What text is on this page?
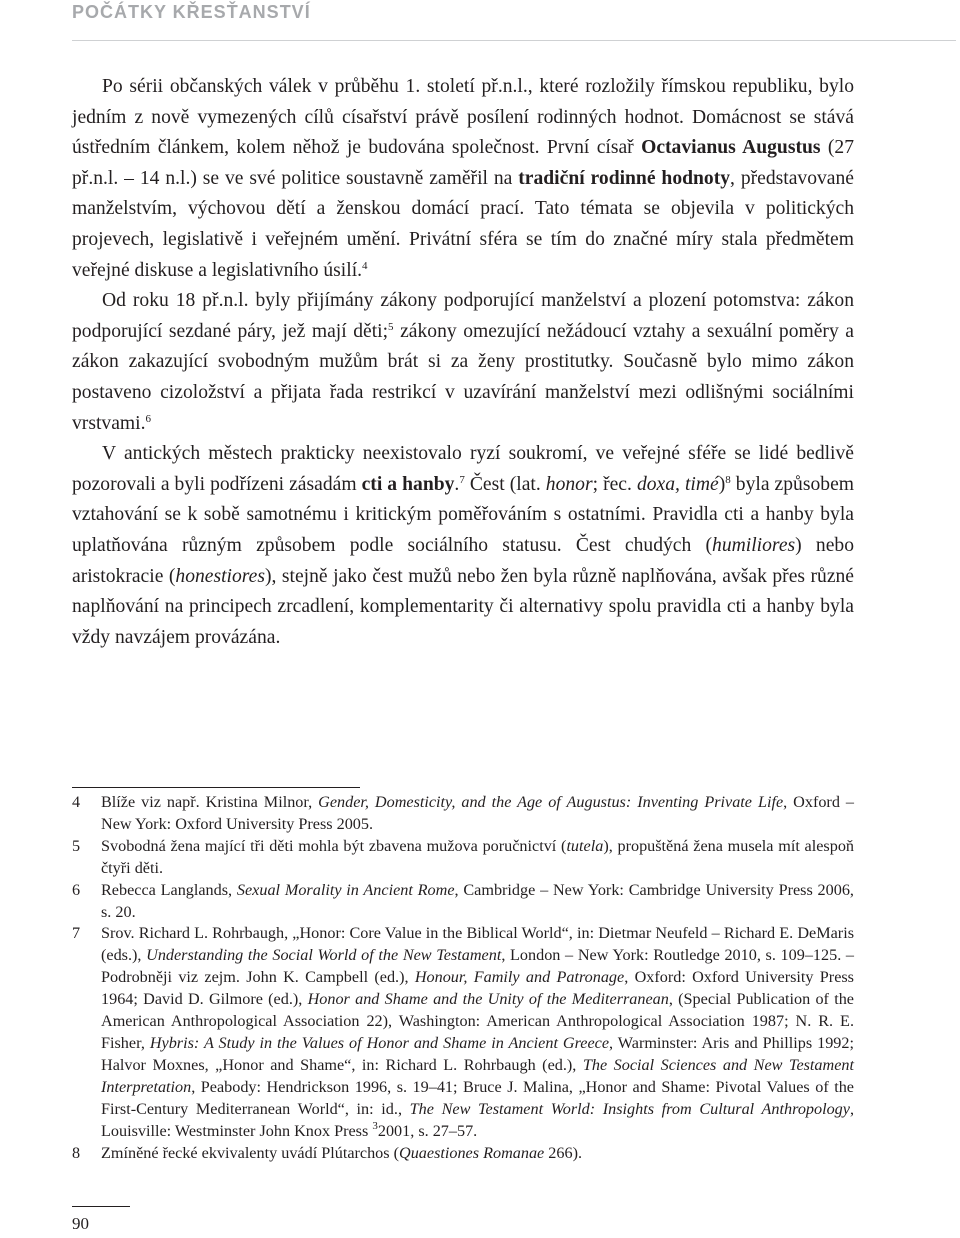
POČÁTKY KŘESŤANSTVÍ

Po sérii občanských válek v průběhu 1. století př.n.l., které rozložily římskou republiku, bylo jedním z nově vymezených cílů císařství právě posílení rodinných hodnot. Domácnost se stává ústředním článkem, kolem něhož je budována společnost. První císař Octavianus Augustus (27 př.n.l. – 14 n.l.) se ve své politice soustavně zaměřil na tradiční rodinné hodnoty, představované manželstvím, výchovou dětí a ženskou domácí prací. Tato témata se objevila v politických projevech, legislativě i veřejném umění. Privátní sféra se tím do značné míry stala předmětem veřejné diskuse a legislativního úsilí.$^4$

Od roku 18 př.n.l. byly přijímány zákony podporující manželství a plození potomstva: zákon podporující sezdané páry, jež mají děti;$^5$ zákony omezující nežádoucí vztahy a sexuální poměry a zákon zakazující svobodným mužům brát si za ženy prostitutky. Současně bylo mimo zákon postaveno cizoložství a přijata řada restrikcí v uzavírání manželství mezi odlišnými sociálními vrstvami.$^6$

V antických městech prakticky neexistovalo ryzí soukromí, ve veřejné sféře se lidé bedlivě pozorovali a byli podřízeni zásadám cti a hanby.$^7$ Čest (lat. honor; řec. doxa, timé)$^8$ byla způsobem vztahování se k sobě samotnému i kritickým poměřováním s ostatními. Pravidla cti a hanby byla uplatňována různým způsobem podle sociálního statusu. Čest chudých (humiliores) nebo aristokracie (honestiores), stejně jako čest mužů nebo žen byla různě naplňována, avšak přes různé naplňování na principech zrcadlení, komplementarity či alternativy spolu pravidla cti a hanby byla vždy navzájem provázána.

4	Blíže viz např. Kristina Milnor, Gender, Domesticity, and the Age of Augustus: Inventing Private Life, Oxford – New York: Oxford University Press 2005.
5	Svobodná žena mající tři děti mohla být zbavena mužova poručnictví (tutela), propuštěná žena musela mít alespoň čtyři děti.
6	Rebecca Langlands, Sexual Morality in Ancient Rome, Cambridge – New York: Cambridge University Press 2006, s. 20.
7	Srov. Richard L. Rohrbaugh, „Honor: Core Value in the Biblical World“, in: Dietmar Neufeld – Richard E. DeMaris (eds.), Understanding the Social World of the New Testament, London – New York: Routledge 2010, s. 109–125. – Podrobněji viz zejm. John K. Campbell (ed.), Honour, Family and Patronage, Oxford: Oxford University Press 1964; David D. Gilmore (ed.), Honor and Shame and the Unity of the Mediterranean, (Special Publication of the American Anthropological Association 22), Washington: American Anthropological Association 1987; N. R. E. Fisher, Hybris: A Study in the Values of Honor and Shame in Ancient Greece, Warminster: Aris and Phillips 1992; Halvor Moxnes, „Honor and Shame“, in: Richard L. Rohrbaugh (ed.), The Social Sciences and New Testament Interpretation, Peabody: Hendrickson 1996, s. 19–41; Bruce J. Malina, „Honor and Shame: Pivotal Values of the First-Century Mediterranean World“, in: id., The New Testament World: Insights from Cultural Anthropology, Louisville: Westminster John Knox Press $^3$2001, s. 27–57.
8	Zmíněné řecké ekvivalenty uvádí Plútarchos (Quaestiones Romanae 266).
90
